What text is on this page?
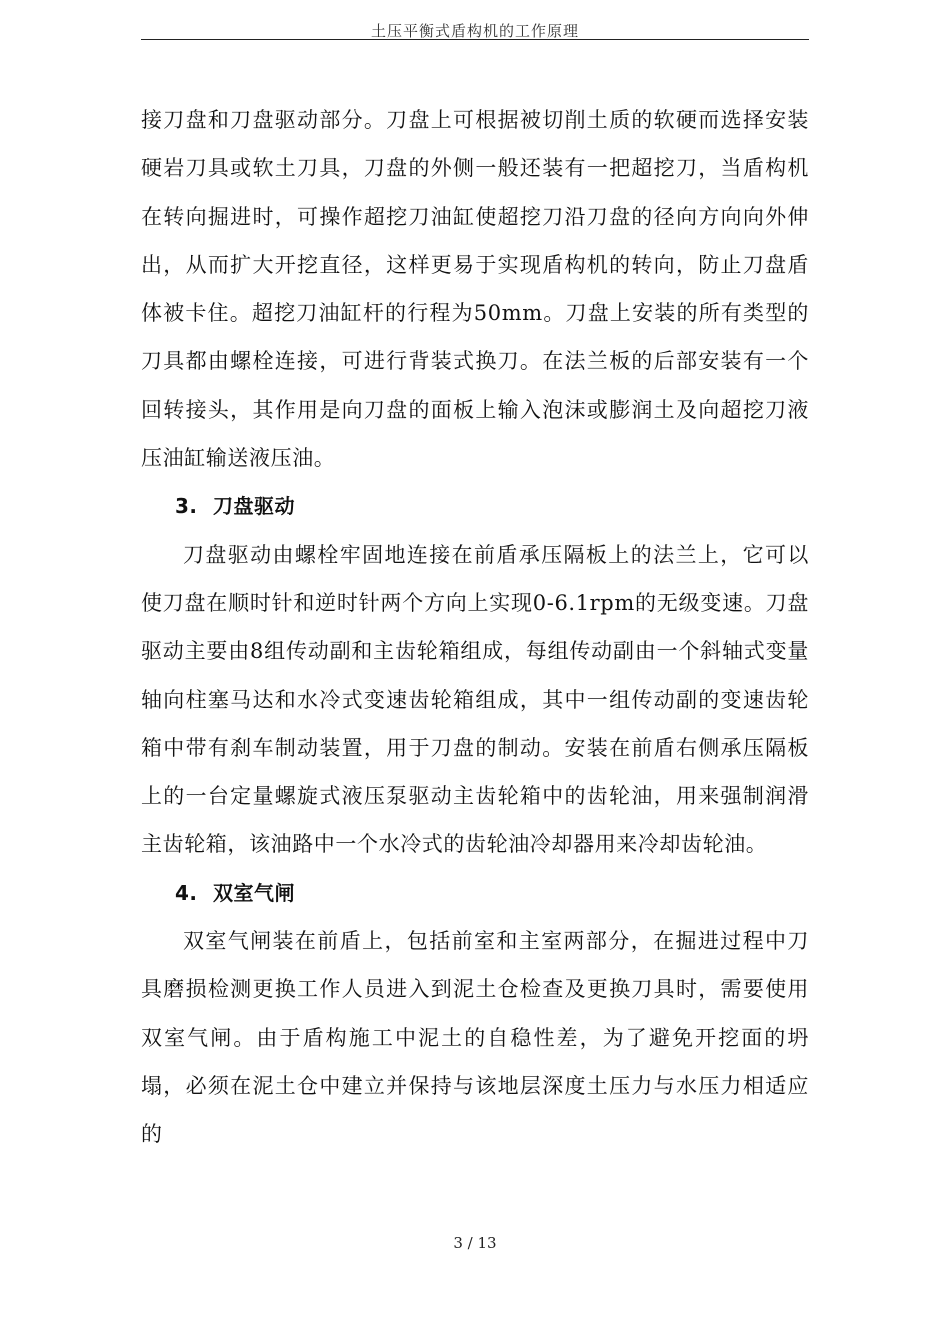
土压平衡式盾构机的工作原理

接刀盘和刀盘驱动部分。刀盘上可根据被切削土质的软硬而选择安装硬岩刀具或软土刀具，刀盘的外侧一般还装有一把超挖刀，当盾构机在转向掘进时，可操作超挖刀油缸使超挖刀沿刀盘的径向方向向外伸出，从而扩大开挖直径，这样更易于实现盾构机的转向，防止刀盘盾体被卡住。超挖刀油缸杆的行程为50mm。刀盘上安装的所有类型的刀具都由螺栓连接，可进行背装式换刀。在法兰板的后部安装有一个回转接头，其作用是向刀盘的面板上输入泡沫或膨润土及向超挖刀液压油缸输送液压油。

3. 刀盘驱动

刀盘驱动由螺栓牢固地连接在前盾承压隔板上的法兰上，它可以使刀盘在顺时针和逆时针两个方向上实现0-6.1rpm的无级变速。刀盘驱动主要由8组传动副和主齿轮箱组成，每组传动副由一个斜轴式变量轴向柱塞马达和水冷式变速齿轮箱组成，其中一组传动副的变速齿轮箱中带有刹车制动装置，用于刀盘的制动。安装在前盾右侧承压隔板上的一台定量螺旋式液压泵驱动主齿轮箱中的齿轮油，用来强制润滑主齿轮箱，该油路中一个水冷式的齿轮油冷却器用来冷却齿轮油。

4. 双室气闸

双室气闸装在前盾上，包括前室和主室两部分，在掘进过程中刀具磨损检测更换工作人员进入到泥土仓检查及更换刀具时，需要使用双室气闸。由于盾构施工中泥土的自稳性差，为了避免开挖面的坍塌，必须在泥土仓中建立并保持与该地层深度土压力与水压力相适应的

3 / 13
